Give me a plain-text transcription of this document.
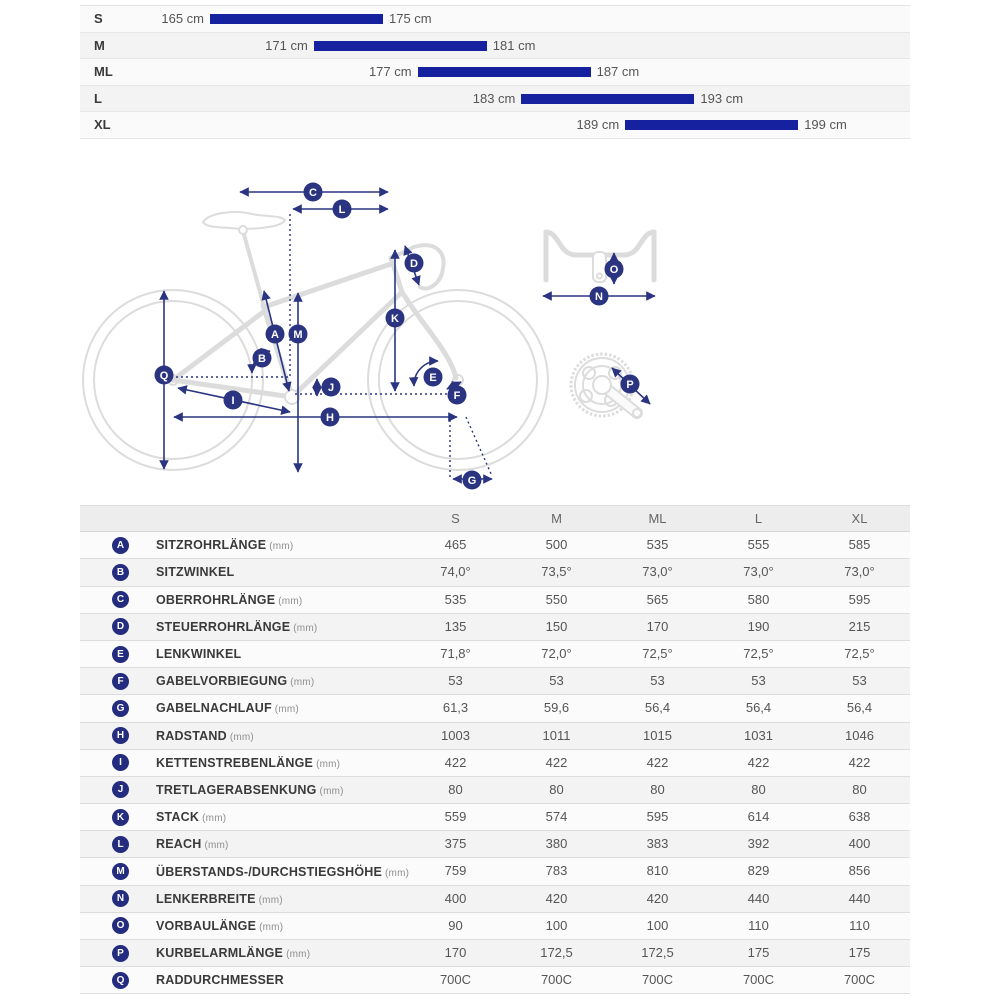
S	165 cm	175 cm
M	171 cm	181 cm
ML	177 cm	187 cm
L	183 cm	193 cm
XL	189 cm	199 cm
A
B
C
D
E
F
G
H
I
J
K
L
M
Q
N
O
P
S	M	ML	L	XL
A	SITZROHRLÄNGE (mm)	465	500	535	555	585
B	SITZWINKEL	74,0°	73,5°	73,0°	73,0°	73,0°
C	OBERROHRLÄNGE (mm)	535	550	565	580	595
D	STEUERROHRLÄNGE (mm)	135	150	170	190	215
E	LENKWINKEL	71,8°	72,0°	72,5°	72,5°	72,5°
F	GABELVORBIEGUNG (mm)	53	53	53	53	53
G	GABELNACHLAUF (mm)	61,3	59,6	56,4	56,4	56,4
H	RADSTAND (mm)	1003	1011	1015	1031	1046
I	KETTENSTREBENLÄNGE (mm)	422	422	422	422	422
J	TRETLAGERABSENKUNG (mm)	80	80	80	80	80
K	STACK (mm)	559	574	595	614	638
L	REACH (mm)	375	380	383	392	400
M	ÜBERSTANDS-/DURCHSTIEGSHÖHE (mm)	759	783	810	829	856
N	LENKERBREITE (mm)	400	420	420	440	440
O	VORBAULÄNGE (mm)	90	100	100	110	110
P	KURBELARMLÄNGE (mm)	170	172,5	172,5	175	175
Q	RADDURCHMESSER	700C	700C	700C	700C	700C
